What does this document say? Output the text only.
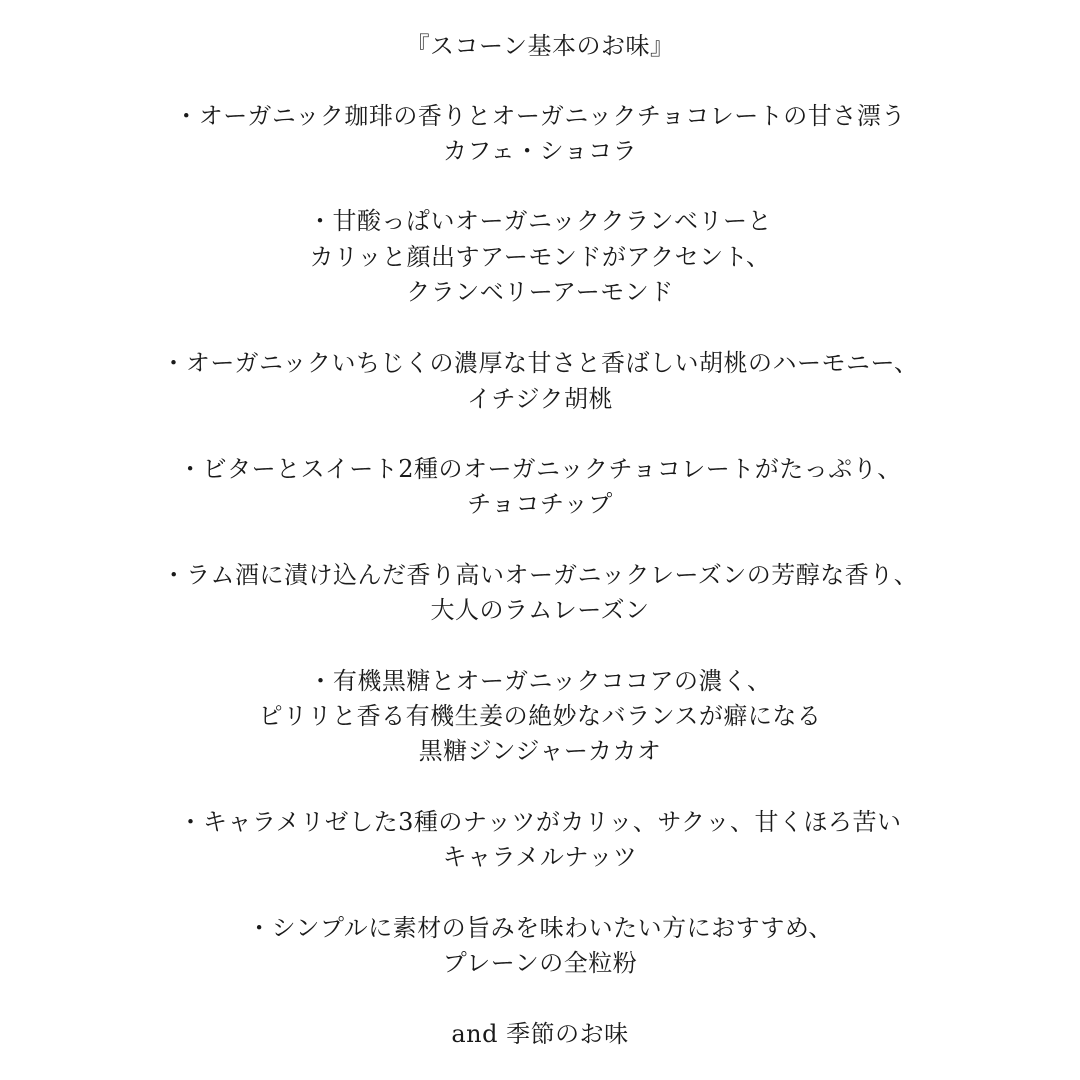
『スコーン基本のお味』
・オーガニック珈琲の香りとオーガニックチョコレートの甘さ漂う
カフェ・ショコラ
・甘酸っぱいオーガニッククランベリーと
カリッと顔出すアーモンドがアクセント、
クランベリーアーモンド
・オーガニックいちじくの濃厚な甘さと香ばしい胡桃のハーモニー、
イチジク胡桃
・ビターとスイート2種のオーガニックチョコレートがたっぷり、
チョコチップ
・ラム酒に漬け込んだ香り高いオーガニックレーズンの芳醇な香り、
大人のラムレーズン
・有機黒糖とオーガニックココアの濃く、
ピリリと香る有機生姜の絶妙なバランスが癖になる
黒糖ジンジャーカカオ
・キャラメリゼした3種のナッツがカリッ、サクッ、甘くほろ苦い
キャラメルナッツ
・シンプルに素材の旨みを味わいたい方におすすめ、
プレーンの全粒粉
and 季節のお味
